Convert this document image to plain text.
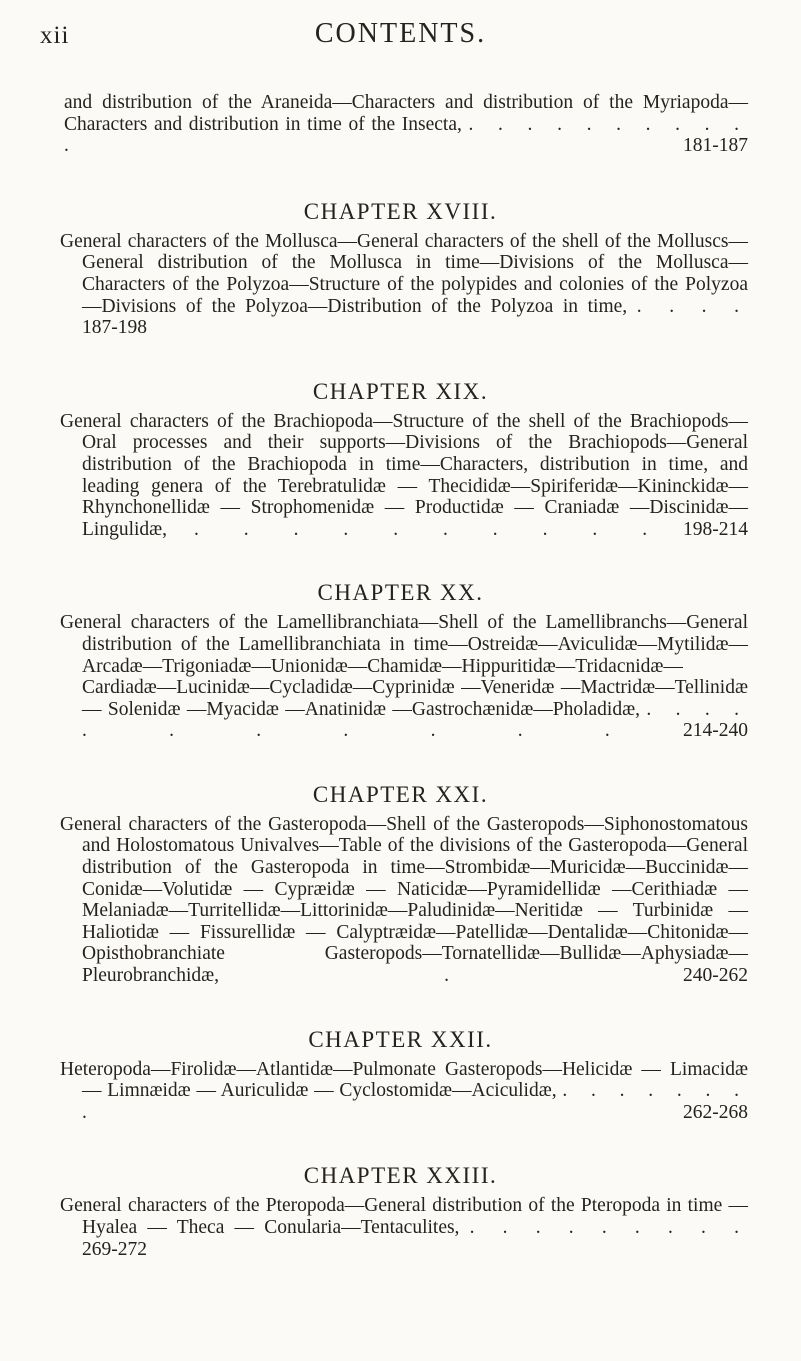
xii	CONTENTS.

and distribution of the Araneida—Characters and distribution of the Myriapoda—Characters and distribution in time of the Insecta, . . . . . . . . . . .	181-187

CHAPTER XVIII.

General characters of the Mollusca—General characters of the shell of the Molluscs—General distribution of the Mollusca in time—Divisions of the Mollusca—Characters of the Polyzoa—Structure of the polypides and colonies of the Polyzoa—Divisions of the Polyzoa—Distribution of the Polyzoa in time, . . . . 187-198

CHAPTER XIX.

General characters of the Brachiopoda—Structure of the shell of the Brachiopods—Oral processes and their supports—Divisions of the Brachiopods—General distribution of the Brachiopoda in time—Characters, distribution in time, and leading genera of the Terebratulidæ — Thecididæ—Spiriferidæ—Kininckidæ—Rhynchonellidæ — Strophomenidæ — Productidæ — Craniadæ —Discinidæ—Lingulidæ, . . . . . . . . . . 198-214

CHAPTER XX.

General characters of the Lamellibranchiata—Shell of the Lamellibranchs—General distribution of the Lamellibranchiata in time—Ostreidæ—Aviculidæ—Mytilidæ—Arcadæ—Trigoniadæ—Unionidæ—Chamidæ—Hippuritidæ—Tridacnidæ—Cardiadæ—Lucinidæ—Cycladidæ—Cyprinidæ —Veneridæ —Mactridæ—Tellinidæ — Solenidæ —Myacidæ —Anatinidæ —Gastrochænidæ—Pholadidæ, . . . . . . . . . . .	214-240

CHAPTER XXI.

General characters of the Gasteropoda—Shell of the Gasteropods—Siphonostomatous and Holostomatous Univalves—Table of the divisions of the Gasteropoda—General distribution of the Gasteropoda in time—Strombidæ—Muricidæ—Buccinidæ—Conidæ—Volutidæ — Cypræidæ — Naticidæ—Pyramidellidæ —Cerithiadæ —Melaniadæ—Turritellidæ—Littorinidæ—Paludinidæ—Neritidæ — Turbinidæ —Haliotidæ — Fissurellidæ — Calyptræidæ—Patellidæ—Dentalidæ—Chitonidæ—Opisthobranchiate Gasteropods—Tornatellidæ—Bullidæ—Aphysiadæ—Pleurobranchidæ,	.	240-262

CHAPTER XXII.

Heteropoda—Firolidæ—Atlantidæ—Pulmonate Gasteropods—Helicidæ — Limacidæ — Limnæidæ — Auriculidæ — Cyclostomidæ—Aciculidæ, . . . . . . . .	262-268

CHAPTER XXIII.

General characters of the Pteropoda—General distribution of the Pteropoda in time — Hyalea — Theca — Conularia—Tentaculites, . . . . . . . . . 269-272
